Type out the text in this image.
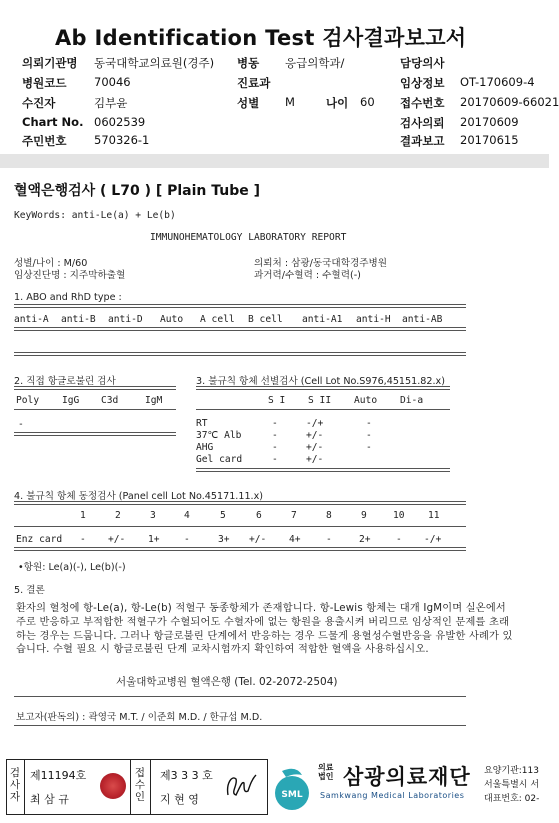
Ab Identification Test 검사결과보고서
의뢰기관명 동국대학교의료원(경주) 병동 응급의학과/	담당의사
병원코드 70046	진료과	임상정보 OT-170609-4
수진자	김부윤	성별 M	나이 60 접수번호 20170609-66021
Chart No. 0602539	검사의뢰 20170609
주민번호 570326-1	결과보고 20170615
혈액은행검사 ( L70 ) [ Plain Tube ]
KeyWords: anti-Le(a) + Le(b)
IMMUNOHEMATOLOGY LABORATORY REPORT
성별/나이 : M/60
임상진단명 : 지주막하출혈
의뢰처 : 삼광/동국대학경주병원
과거력/수혈력 : 수혈력(-)
1. ABO and RhD type :
anti-A anti-B anti-D Auto A cell B cell anti-A1 anti-H anti-AB
2. 직접 항글로불린 검사
Poly IgG C3d	IgM
-
3. 불규칙 항체 선별검사 (Cell Lot No.S976,45151.82.x)
S I S II Auto Di-a
RT	-	-/+	-
37℃ Alb	-	+/-	-
AHG	-	+/-	-
Gel card	-	+/-
4. 불규칙 항체 동정검사 (Panel cell Lot No.45171.11.x)
1	2	3	4	5	6	7	8	9	10 11
Enz card - +/- 1+	-	3+ +/- 4+	-	2+	- -/+
•항원: Le(a)(-), Le(b)(-)
5. 결론
환자의 혈청에 항-Le(a), 항-Le(b) 적혈구 동종항체가 존재합니다. 항-Lewis 항체는 대개 IgM이며 실온에서 주로 반응하고 부적합한 적혈구가 수혈되어도 수혈자에 없는 항원을 용출시켜 버리므로 임상적인 문제를 초래하는 경우는 드뭅니다. 그러나 항글로불린 단계에서 반응하는 경우 드물게 용혈성수혈반응을 유발한 사례가 있습니다. 수혈 필요 시 항글로불린 단계 교차시험까지 확인하여 적합한 혈액을 사용하십시오.
서울대학교병원 혈액은행 (Tel. 02-2072-2504)
보고자(판독의) : 곽영국 M.T. / 이준희 M.D. / 한규섭 M.D.
검사자
제11194호
최 삼 규
접수인
제3 3 3 호
지 현 영	SML
의료법인 삼광의료재단
Samkwang Medical Laboratories
요양기관:113
서울특별시 서
대표번호: 02-
